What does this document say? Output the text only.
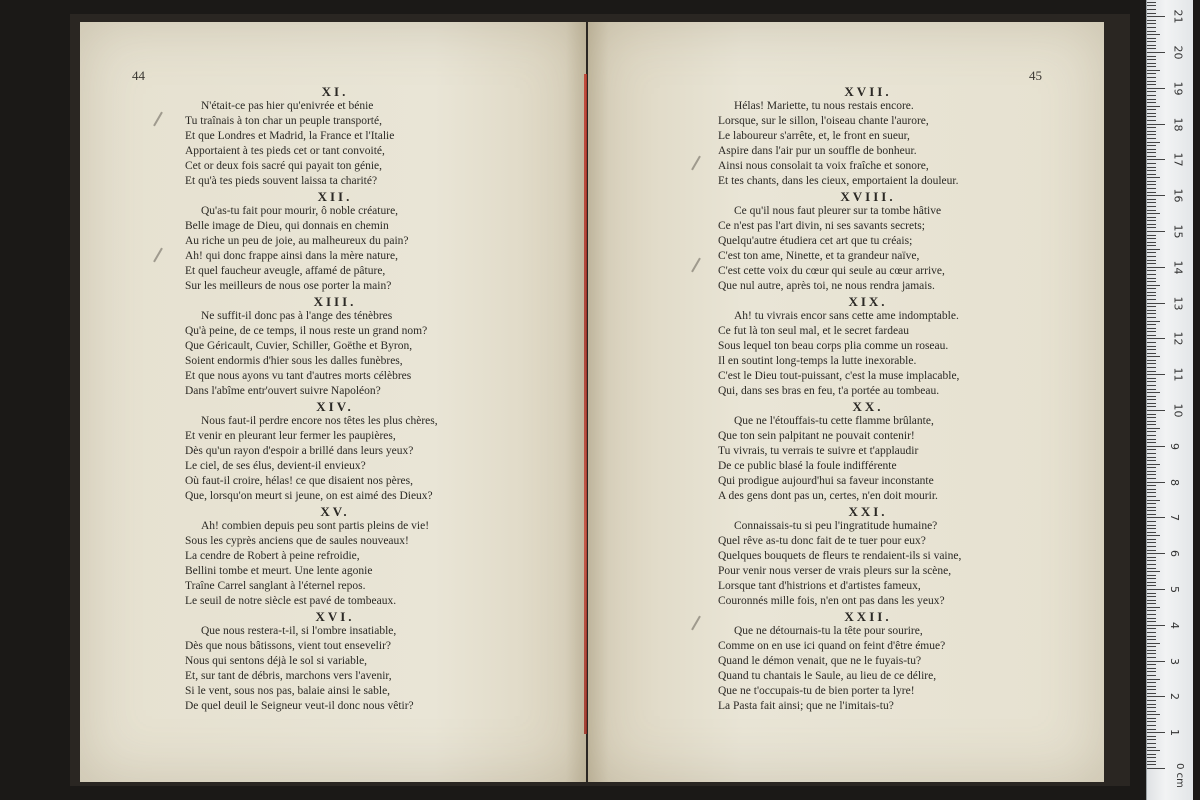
44

XI.

N'était-ce pas hier qu'enivrée et bénie

Tu traînais à ton char un peuple transporté,

Et que Londres et Madrid, la France et l'Italie

Apportaient à tes pieds cet or tant convoité,

Cet or deux fois sacré qui payait ton génie,

Et qu'à tes pieds souvent laissa ta charité?

XII.

Qu'as-tu fait pour mourir, ô noble créature,

Belle image de Dieu, qui donnais en chemin

Au riche un peu de joie, au malheureux du pain?

Ah! qui donc frappe ainsi dans la mère nature,

Et quel faucheur aveugle, affamé de pâture,

Sur les meilleurs de nous ose porter la main?

XIII.

Ne suffit-il donc pas à l'ange des ténèbres

Qu'à peine, de ce temps, il nous reste un grand nom?

Que Géricault, Cuvier, Schiller, Goëthe et Byron,

Soient endormis d'hier sous les dalles funèbres,

Et que nous ayons vu tant d'autres morts célèbres

Dans l'abîme entr'ouvert suivre Napoléon?

XIV.

Nous faut-il perdre encore nos têtes les plus chères,

Et venir en pleurant leur fermer les paupières,

Dès qu'un rayon d'espoir a brillé dans leurs yeux?

Le ciel, de ses élus, devient-il envieux?

Où faut-il croire, hélas! ce que disaient nos pères,

Que, lorsqu'on meurt si jeune, on est aimé des Dieux?

XV.

Ah! combien depuis peu sont partis pleins de vie!

Sous les cyprès anciens que de saules nouveaux!

La cendre de Robert à peine refroidie,

Bellini tombe et meurt. Une lente agonie

Traîne Carrel sanglant à l'éternel repos.

Le seuil de notre siècle est pavé de tombeaux.

XVI.

Que nous restera-t-il, si l'ombre insatiable,

Dès que nous bâtissons, vient tout ensevelir?

Nous qui sentons déjà le sol si variable,

Et, sur tant de débris, marchons vers l'avenir,

Si le vent, sous nos pas, balaie ainsi le sable,

De quel deuil le Seigneur veut-il donc nous vêtir?

45

XVII.

Hélas! Mariette, tu nous restais encore.

Lorsque, sur le sillon, l'oiseau chante l'aurore,

Le laboureur s'arrête, et, le front en sueur,

Aspire dans l'air pur un souffle de bonheur.

Ainsi nous consolait ta voix fraîche et sonore,

Et tes chants, dans les cieux, emportaient la douleur.

XVIII.

Ce qu'il nous faut pleurer sur ta tombe hâtive

Ce n'est pas l'art divin, ni ses savants secrets;

Quelqu'autre étudiera cet art que tu créais;

C'est ton ame, Ninette, et ta grandeur naïve,

C'est cette voix du cœur qui seule au cœur arrive,

Que nul autre, après toi, ne nous rendra jamais.

XIX.

Ah! tu vivrais encor sans cette ame indomptable.

Ce fut là ton seul mal, et le secret fardeau

Sous lequel ton beau corps plia comme un roseau.

Il en soutint long-temps la lutte inexorable.

C'est le Dieu tout-puissant, c'est la muse implacable,

Qui, dans ses bras en feu, t'a portée au tombeau.

XX.

Que ne l'étouffais-tu cette flamme brûlante,

Que ton sein palpitant ne pouvait contenir!

Tu vivrais, tu verrais te suivre et t'applaudir

De ce public blasé la foule indifférente

Qui prodigue aujourd'hui sa faveur inconstante

A des gens dont pas un, certes, n'en doit mourir.

XXI.

Connaissais-tu si peu l'ingratitude humaine?

Quel rêve as-tu donc fait de te tuer pour eux?

Quelques bouquets de fleurs te rendaient-ils si vaine,

Pour venir nous verser de vrais pleurs sur la scène,

Lorsque tant d'histrions et d'artistes fameux,

Couronnés mille fois, n'en ont pas dans les yeux?

XXII.

Que ne détournais-tu la tête pour sourire,

Comme on en use ici quand on feint d'être émue?

Quand le démon venait, que ne le fuyais-tu?

Quand tu chantais le Saule, au lieu de ce délire,

Que ne t'occupais-tu de bien porter ta lyre!

La Pasta fait ainsi; que ne l'imitais-tu?

0 cm
1
2
3
4
5
6
7
8
9
10
11
12
13
14
15
16
17
18
19
20
21
